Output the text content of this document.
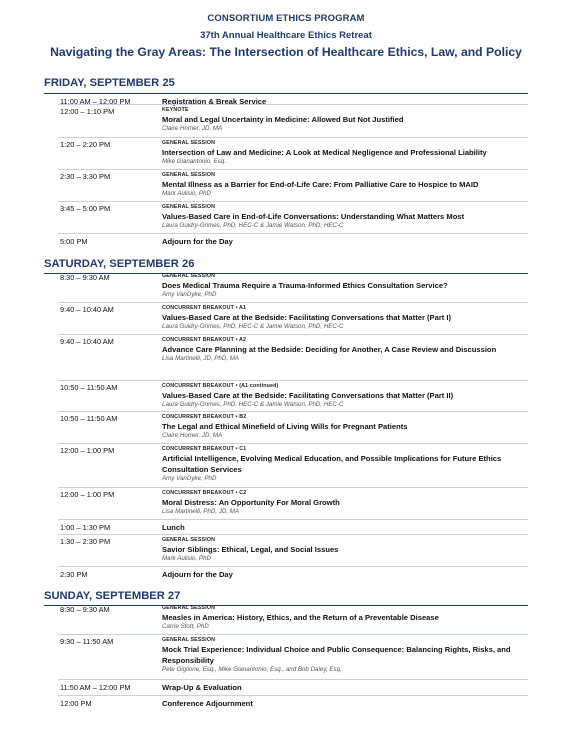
CONSORTIUM ETHICS PROGRAM
37th Annual Healthcare Ethics Retreat
Navigating the Gray Areas: The Intersection of Healthcare Ethics, Law, and Policy
FRIDAY, SEPTEMBER 25
11:00 AM – 12:00 PM	Registration & Break Service
12:00 – 1:10 PM	KEYNOTE
Moral and Legal Uncertainty in Medicine: Allowed But Not Justified
Claire Horner, JD, MA
1:20 – 2:20 PM	GENERAL SESSION
Intersection of Law and Medicine: A Look at Medical Negligence and Professional Liability
Mike Gianantonio, Esq.
2:30 – 3:30 PM	GENERAL SESSION
Mental Illness as a Barrier for End-of-Life Care: From Palliative Care to Hospice to MAID
Mark Aulisio, PhD
3:45 – 5:00 PM	GENERAL SESSION
Values-Based Care in End-of-Life Conversations: Understanding What Matters Most
Laura Guidry-Grimes, PhD, HEC-C & Jamie Watson, PhD, HEC-C
5:00 PM	Adjourn for the Day
SATURDAY, SEPTEMBER 26
8:30 – 9:30 AM	GENERAL SESSION
Does Medical Trauma Require a Trauma-Informed Ethics Consultation Service?
Amy VanDyke, PhD
9:40 – 10:40 AM	CONCURRENT BREAKOUT • A1
Values-Based Care at the Bedside: Facilitating Conversations that Matter (Part I)
Laura Guidry-Grimes, PhD, HEC-C & Jamie Watson, PhD, HEC-C
9:40 – 10:40 AM	CONCURRENT BREAKOUT • A2
Advance Care Planning at the Bedside: Deciding for Another, A Case Review and Discussion
Lisa Martinelli, JD, PhD, MA
10:50 – 11:50 AM	CONCURRENT BREAKOUT • (A1 continued)
Values-Based Care at the Bedside: Facilitating Conversations that Matter (Part II)
Laura Guidry-Grimes, PhD, HEC-C & Jamie Watson, PhD, HEC-C
10:50 – 11:50 AM	CONCURRENT BREAKOUT • B2
The Legal and Ethical Minefield of Living Wills for Pregnant Patients
Claire Horner, JD, MA
12:00 – 1:00 PM	CONCURRENT BREAKOUT • C1
Artificial Intelligence, Evolving Medical Education, and Possible Implications for Future Ethics Consultation Services
Amy VanDyke, PhD
12:00 – 1:00 PM	CONCURRENT BREAKOUT • C2
Moral Distress: An Opportunity For Moral Growth
Lisa Martinelli, PhD, JD, MA
1:00 – 1:30 PM	Lunch
1:30 – 2:30 PM	GENERAL SESSION
Savior Siblings: Ethical, Legal, and Social Issues
Mark Aulisio, PhD
2:30 PM	Adjourn for the Day
SUNDAY, SEPTEMBER 27
8:30 – 9:30 AM	GENERAL SESSION
Measles in America: History, Ethics, and the Return of a Preventable Disease
Carrie Stott, PhD
9:30 – 11:50 AM	GENERAL SESSION
Mock Trial Experience: Individual Choice and Public Consequence: Balancing Rights, Risks, and Responsibility
Pete Giglione, Esq., Mike Gianantonio, Esq., and Bob Daley, Esq.
11:50 AM – 12:00 PM	Wrap-Up & Evaluation
12:00 PM	Conference Adjournment
